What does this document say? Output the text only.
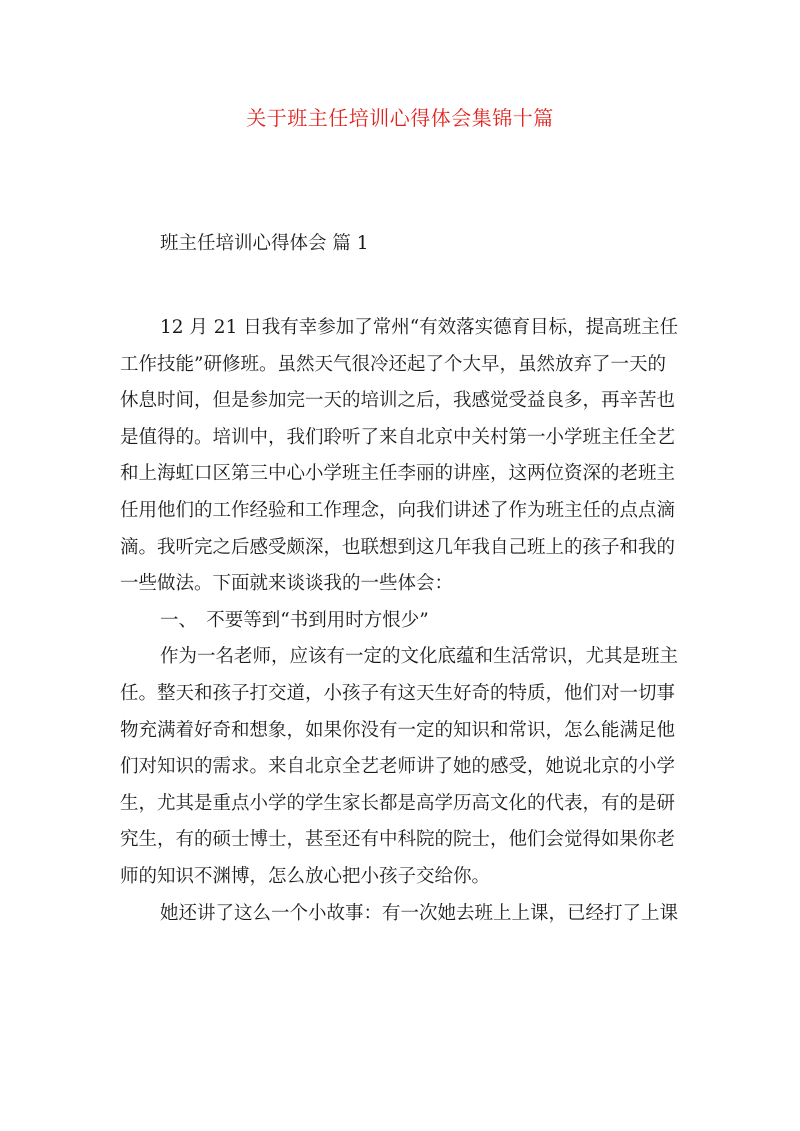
关于班主任培训心得体会集锦十篇
班主任培训心得体会 篇 1
12 月 21 日我有幸参加了常州“有效落实德育目标，提高班主任
工作技能”研修班。虽然天气很冷还起了个大早，虽然放弃了一天的
休息时间，但是参加完一天的培训之后，我感觉受益良多，再辛苦也
是值得的。培训中，我们聆听了来自北京中关村第一小学班主任全艺
和上海虹口区第三中心小学班主任李丽的讲座，这两位资深的老班主
任用他们的工作经验和工作理念，向我们讲述了作为班主任的点点滴
滴。我听完之后感受颇深，也联想到这几年我自己班上的孩子和我的
一些做法。下面就来谈谈我的一些体会：
一、　不要等到“书到用时方恨少”
作为一名老师，应该有一定的文化底蕴和生活常识，尤其是班主
任。整天和孩子打交道，小孩子有这天生好奇的特质，他们对一切事
物充满着好奇和想象，如果你没有一定的知识和常识，怎么能满足他
们对知识的需求。来自北京全艺老师讲了她的感受，她说北京的小学
生，尤其是重点小学的学生家长都是高学历高文化的代表，有的是研
究生，有的硕士博士，甚至还有中科院的院士，他们会觉得如果你老
师的知识不渊博，怎么放心把小孩子交给你。
她还讲了这么一个小故事：有一次她去班上上课，已经打了上课
